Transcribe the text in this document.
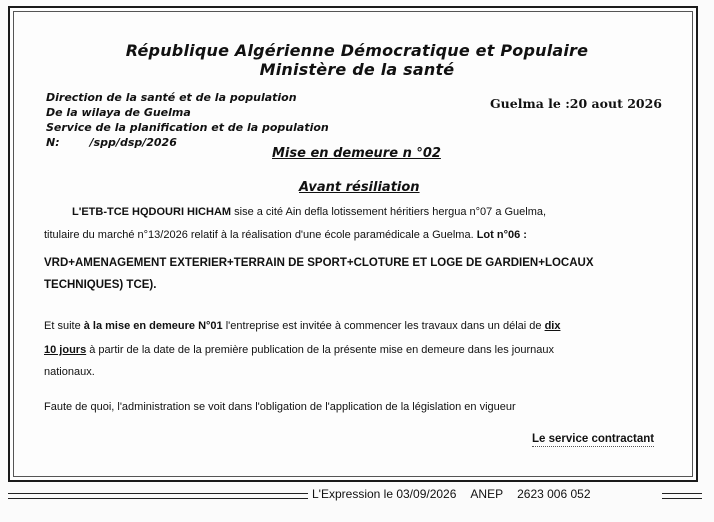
République Algérienne Démocratique et Populaire
Ministère de la santé
Direction de la santé et de la population
De la wilaya de Guelma
Service de la planification et de la population
N:	/spp/dsp/2026
Guelma le :20 aout 2026
Mise en demeure n °02
Avant résiliation
L'ETB-TCE HQDOURI HICHAM sise a cité Ain defla lotissement héritiers hergua n°07 a Guelma,
titulaire du marché n°13/2026 relatif à la réalisation d'une école paramédicale a Guelma. Lot n°06 :
VRD+AMENAGEMENT EXTERIER+TERRAIN DE SPORT+CLOTURE ET LOGE DE GARDIEN+LOCAUX
TECHNIQUES) TCE).
Et suite à la mise en demeure N°01 l'entreprise est invitée à commencer les travaux dans un délai de dix
10 jours à partir de la date de la première publication de la présente mise en demeure dans les journaux
nationaux.
Faute de quoi, l'administration se voit dans l'obligation de l'application de la législation en vigueur
Le service contractant
L'Expression le 03/09/2026 ANEP 2623 006 052
